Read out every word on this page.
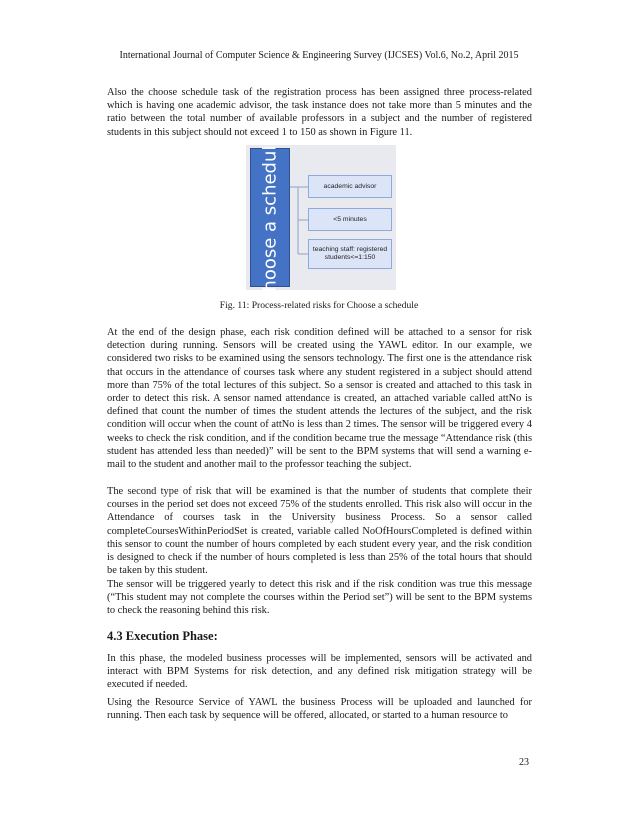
International Journal of Computer Science & Engineering Survey (IJCSES) Vol.6, No.2, April 2015

Also the choose schedule task of the registration process has been assigned three process-related which is having one academic advisor, the task instance does not take more than 5 minutes and the ratio between the total number of available professors in a subject and the number of registered students in this subject should not exceed 1 to 150 as shown in Figure 11.

choose a schedule	academic advisor
<5 minutes
teaching staff: registered students<=1:150
Fig. 11: Process-related risks for Choose a schedule

At the end of the design phase, each risk condition defined will be attached to a sensor for risk detection during running. Sensors will be created using the YAWL editor. In our example, we considered two risks to be examined using the sensors technology. The first one is the attendance risk that occurs in the attendance of courses task where any student registered in a subject should attend more than 75% of the total lectures of this subject. So a sensor is created and attached to this task in order to detect this risk. A sensor named attendance is created, an attached variable called attNo is defined that count the number of times the student attends the lectures of the subject, and the risk condition will occur when the count of attNo is less than 2 times. The sensor will be triggered every 4 weeks to check the risk condition, and if the condition became true the message “Attendance risk (this student has attended less than needed)” will be sent to the BPM systems that will send a warning e-mail to the student and another mail to the professor teaching the subject.

The second type of risk that will be examined is that the number of students that complete their courses in the period set does not exceed 75% of the students enrolled. This risk also will occur in the Attendance of courses task in the University business Process. So a sensor called completeCoursesWithinPeriodSet is created, variable called NoOfHoursCompleted is defined within this sensor to count the number of hours completed by each student every year, and the risk condition is designed to check if the number of hours completed is less than 25% of the total hours that should be taken by this student.

The sensor will be triggered yearly to detect this risk and if the risk condition was true this message (“This student may not complete the courses within the Period set”) will be sent to the BPM systems to check the reasoning behind this risk.

4.3 Execution Phase:

In this phase, the modeled business processes will be implemented, sensors will be activated and interact with BPM Systems for risk detection, and any defined risk mitigation strategy will be executed if needed.

Using the Resource Service of YAWL the business Process will be uploaded and launched for running. Then each task by sequence will be offered, allocated, or started to a human resource to

23
